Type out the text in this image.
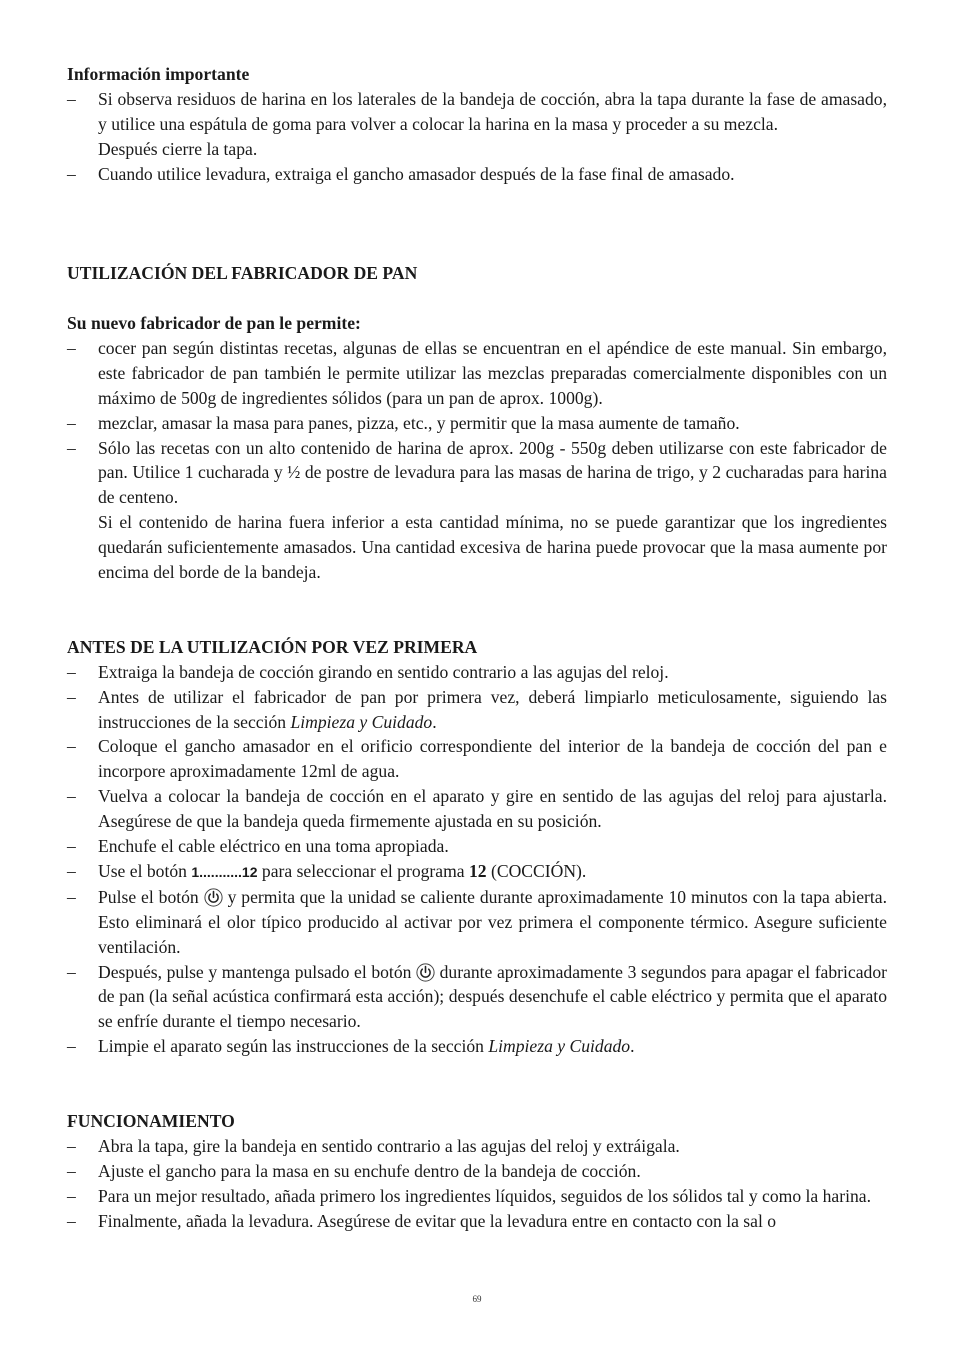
Información importante
– Si observa residuos de harina en los laterales de la bandeja de cocción, abra la tapa durante la fase de amasado, y utilice una espátula de goma para volver a colocar la harina en la masa y proceder a su mezcla.
Después cierre la tapa.
– Cuando utilice levadura, extraiga el gancho amasador después de la fase final de amasado.
UTILIZACIÓN DEL FABRICADOR DE PAN
Su nuevo fabricador de pan le permite:
– cocer pan según distintas recetas, algunas de ellas se encuentran en el apéndice de este manual. Sin embargo, este fabricador de pan también le permite utilizar las mezclas preparadas comercialmente disponibles con un máximo de 500g de ingredientes sólidos (para un pan de aprox. 1000g).
– mezclar, amasar la masa para panes, pizza, etc., y permitir que la masa aumente de tamaño.
– Sólo las recetas con un alto contenido de harina de aprox. 200g - 550g deben utilizarse con este fabricador de pan. Utilice 1 cucharada y ½ de postre de levadura para las masas de harina de trigo, y 2 cucharadas para harina de centeno.
Si el contenido de harina fuera inferior a esta cantidad mínima, no se puede garantizar que los ingredientes quedarán suficientemente amasados. Una cantidad excesiva de harina puede provocar que la masa aumente por encima del borde de la bandeja.
ANTES DE LA UTILIZACIÓN POR VEZ PRIMERA
– Extraiga la bandeja de cocción girando en sentido contrario a las agujas del reloj.
– Antes de utilizar el fabricador de pan por primera vez, deberá limpiarlo meticulosamente, siguiendo las instrucciones de la sección Limpieza y Cuidado.
– Coloque el gancho amasador en el orificio correspondiente del interior de la bandeja de cocción del pan e incorpore aproximadamente 12ml de agua.
– Vuelva a colocar la bandeja de cocción en el aparato y gire en sentido de las agujas del reloj para ajustarla. Asegúrese de que la bandeja queda firmemente ajustada en su posición.
– Enchufe el cable eléctrico en una toma apropiada.
– Use el botón 1...........12 para seleccionar el programa 12 (COCCIÓN).
– Pulse el botón  y permita que la unidad se caliente durante aproximadamente 10 minutos con la tapa abierta. Esto eliminará el olor típico producido al activar por vez primera el componente térmico. Asegure suficiente ventilación.
– Después, pulse y mantenga pulsado el botón  durante aproximadamente 3 segundos para apagar el fabricador de pan (la señal acústica confirmará esta acción); después desenchufe el cable eléctrico y permita que el aparato se enfríe durante el tiempo necesario.
– Limpie el aparato según las instrucciones de la sección Limpieza y Cuidado.
FUNCIONAMIENTO
– Abra la tapa, gire la bandeja en sentido contrario a las agujas del reloj y extráigala.
– Ajuste el gancho para la masa en su enchufe dentro de la bandeja de cocción.
– Para un mejor resultado, añada primero los ingredientes líquidos, seguidos de los sólidos tal y como la harina.
– Finalmente, añada la levadura. Asegúrese de evitar que la levadura entre en contacto con la sal o
69
